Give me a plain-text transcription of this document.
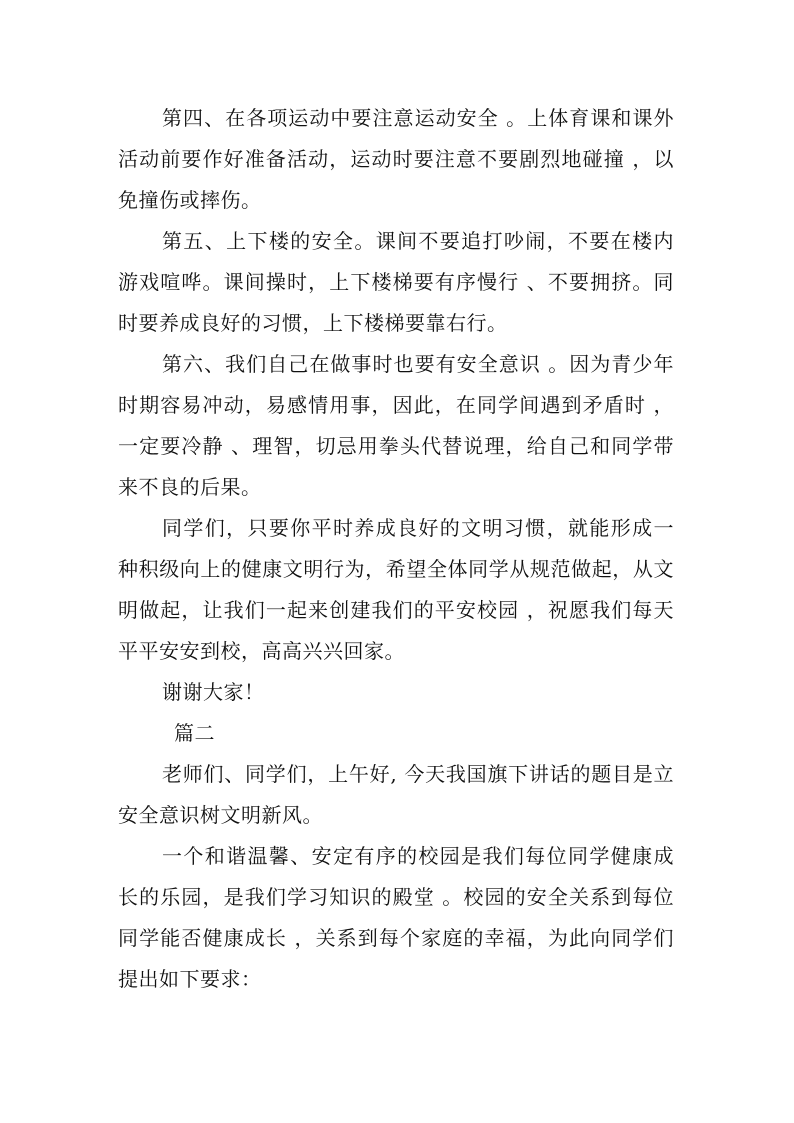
第四、在各项运动中要注意运动安全 。上体育课和课外活动前要作好准备活动，运动时要注意不要剧烈地碰撞 ，以免撞伤或摔伤。

第五、上下楼的安全。课间不要追打吵闹，不要在楼内游戏喧哗。课间操时，上下楼梯要有序慢行 、不要拥挤。同时要养成良好的习惯，上下楼梯要靠右行。

第六、我们自己在做事时也要有安全意识 。因为青少年时期容易冲动，易感情用事，因此，在同学间遇到矛盾时 ，一定要冷静 、理智，切忌用拳头代替说理，给自己和同学带来不良的后果。

同学们，只要你平时养成良好的文明习惯，就能形成一种积级向上的健康文明行为，希望全体同学从规范做起，从文明做起，让我们一起来创建我们的平安校园 ，祝愿我们每天平平安安到校，高高兴兴回家。

谢谢大家！

篇二

老师们、同学们，上午好, 今天我国旗下讲话的题目是立安全意识树文明新风。

一个和谐温馨、安定有序的校园是我们每位同学健康成长的乐园，是我们学习知识的殿堂 。校园的安全关系到每位同学能否健康成长 ，关系到每个家庭的幸福，为此向同学们提出如下要求：
